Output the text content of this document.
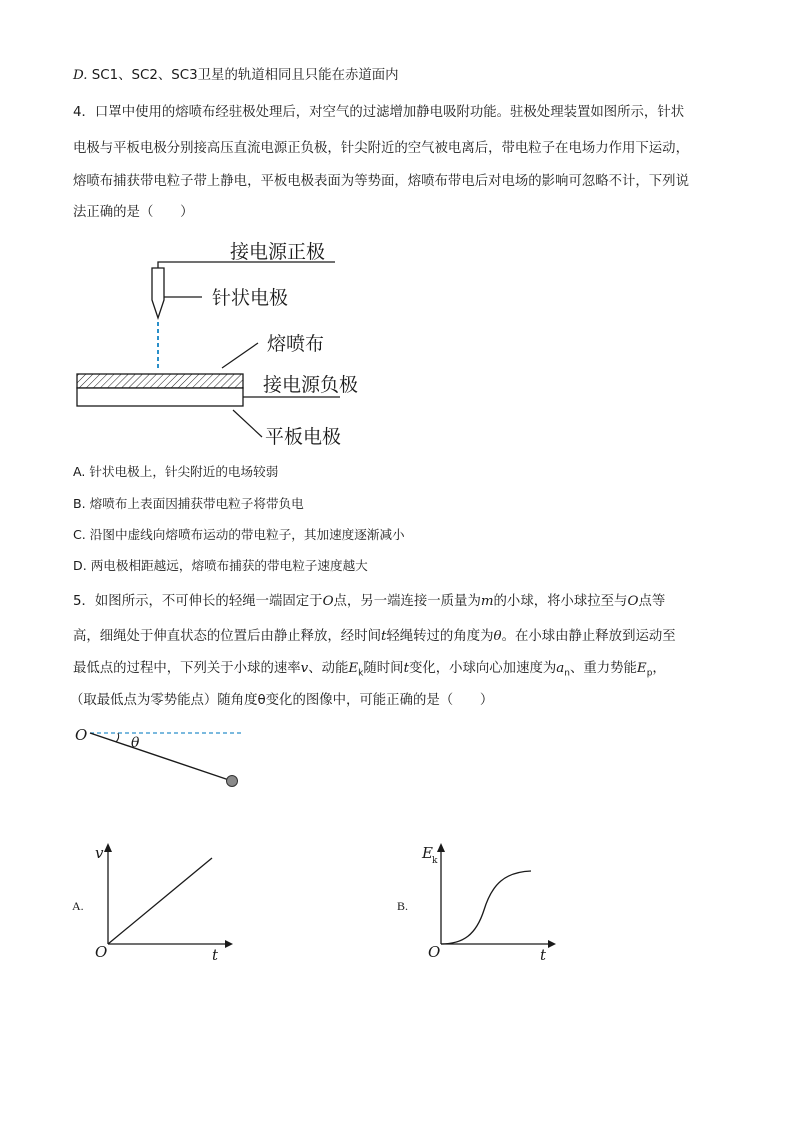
D. SC1、SC2、SC3卫星的轨道相同且只能在赤道面内
4．口罩中使用的熔喷布经驻极处理后，对空气的过滤增加静电吸附功能。驻极处理装置如图所示，针状
电极与平板电极分别接高压直流电源正负极，针尖附近的空气被电离后，带电粒子在电场力作用下运动，
熔喷布捕获带电粒子带上静电，平板电极表面为等势面，熔喷布带电后对电场的影响可忽略不计，下列说
法正确的是（　　）
接电源正极
针状电极
熔喷布
接电源负极
平板电极
A. 针状电极上，针尖附近的电场较弱
B. 熔喷布上表面因捕获带电粒子将带负电
C. 沿图中虚线向熔喷布运动的带电粒子，其加速度逐渐减小
D. 两电极相距越远，熔喷布捕获的带电粒子速度越大
5．如图所示，不可伸长的轻绳一端固定于O点，另一端连接一质量为m的小球，将小球拉至与O点等
高，细绳处于伸直状态的位置后由静止释放，经时间t轻绳转过的角度为θ。在小球由静止释放到运动至
最低点的过程中，下列关于小球的速率v、动能$E_k$随时间t变化，小球向心加速度为$a_n$、重力势能$E_p$，
（取最低点为零势能点）随角度θ变化的图像中，可能正确的是（　　）
O	θ
A.
v
t
O
B.
E k
t
O
